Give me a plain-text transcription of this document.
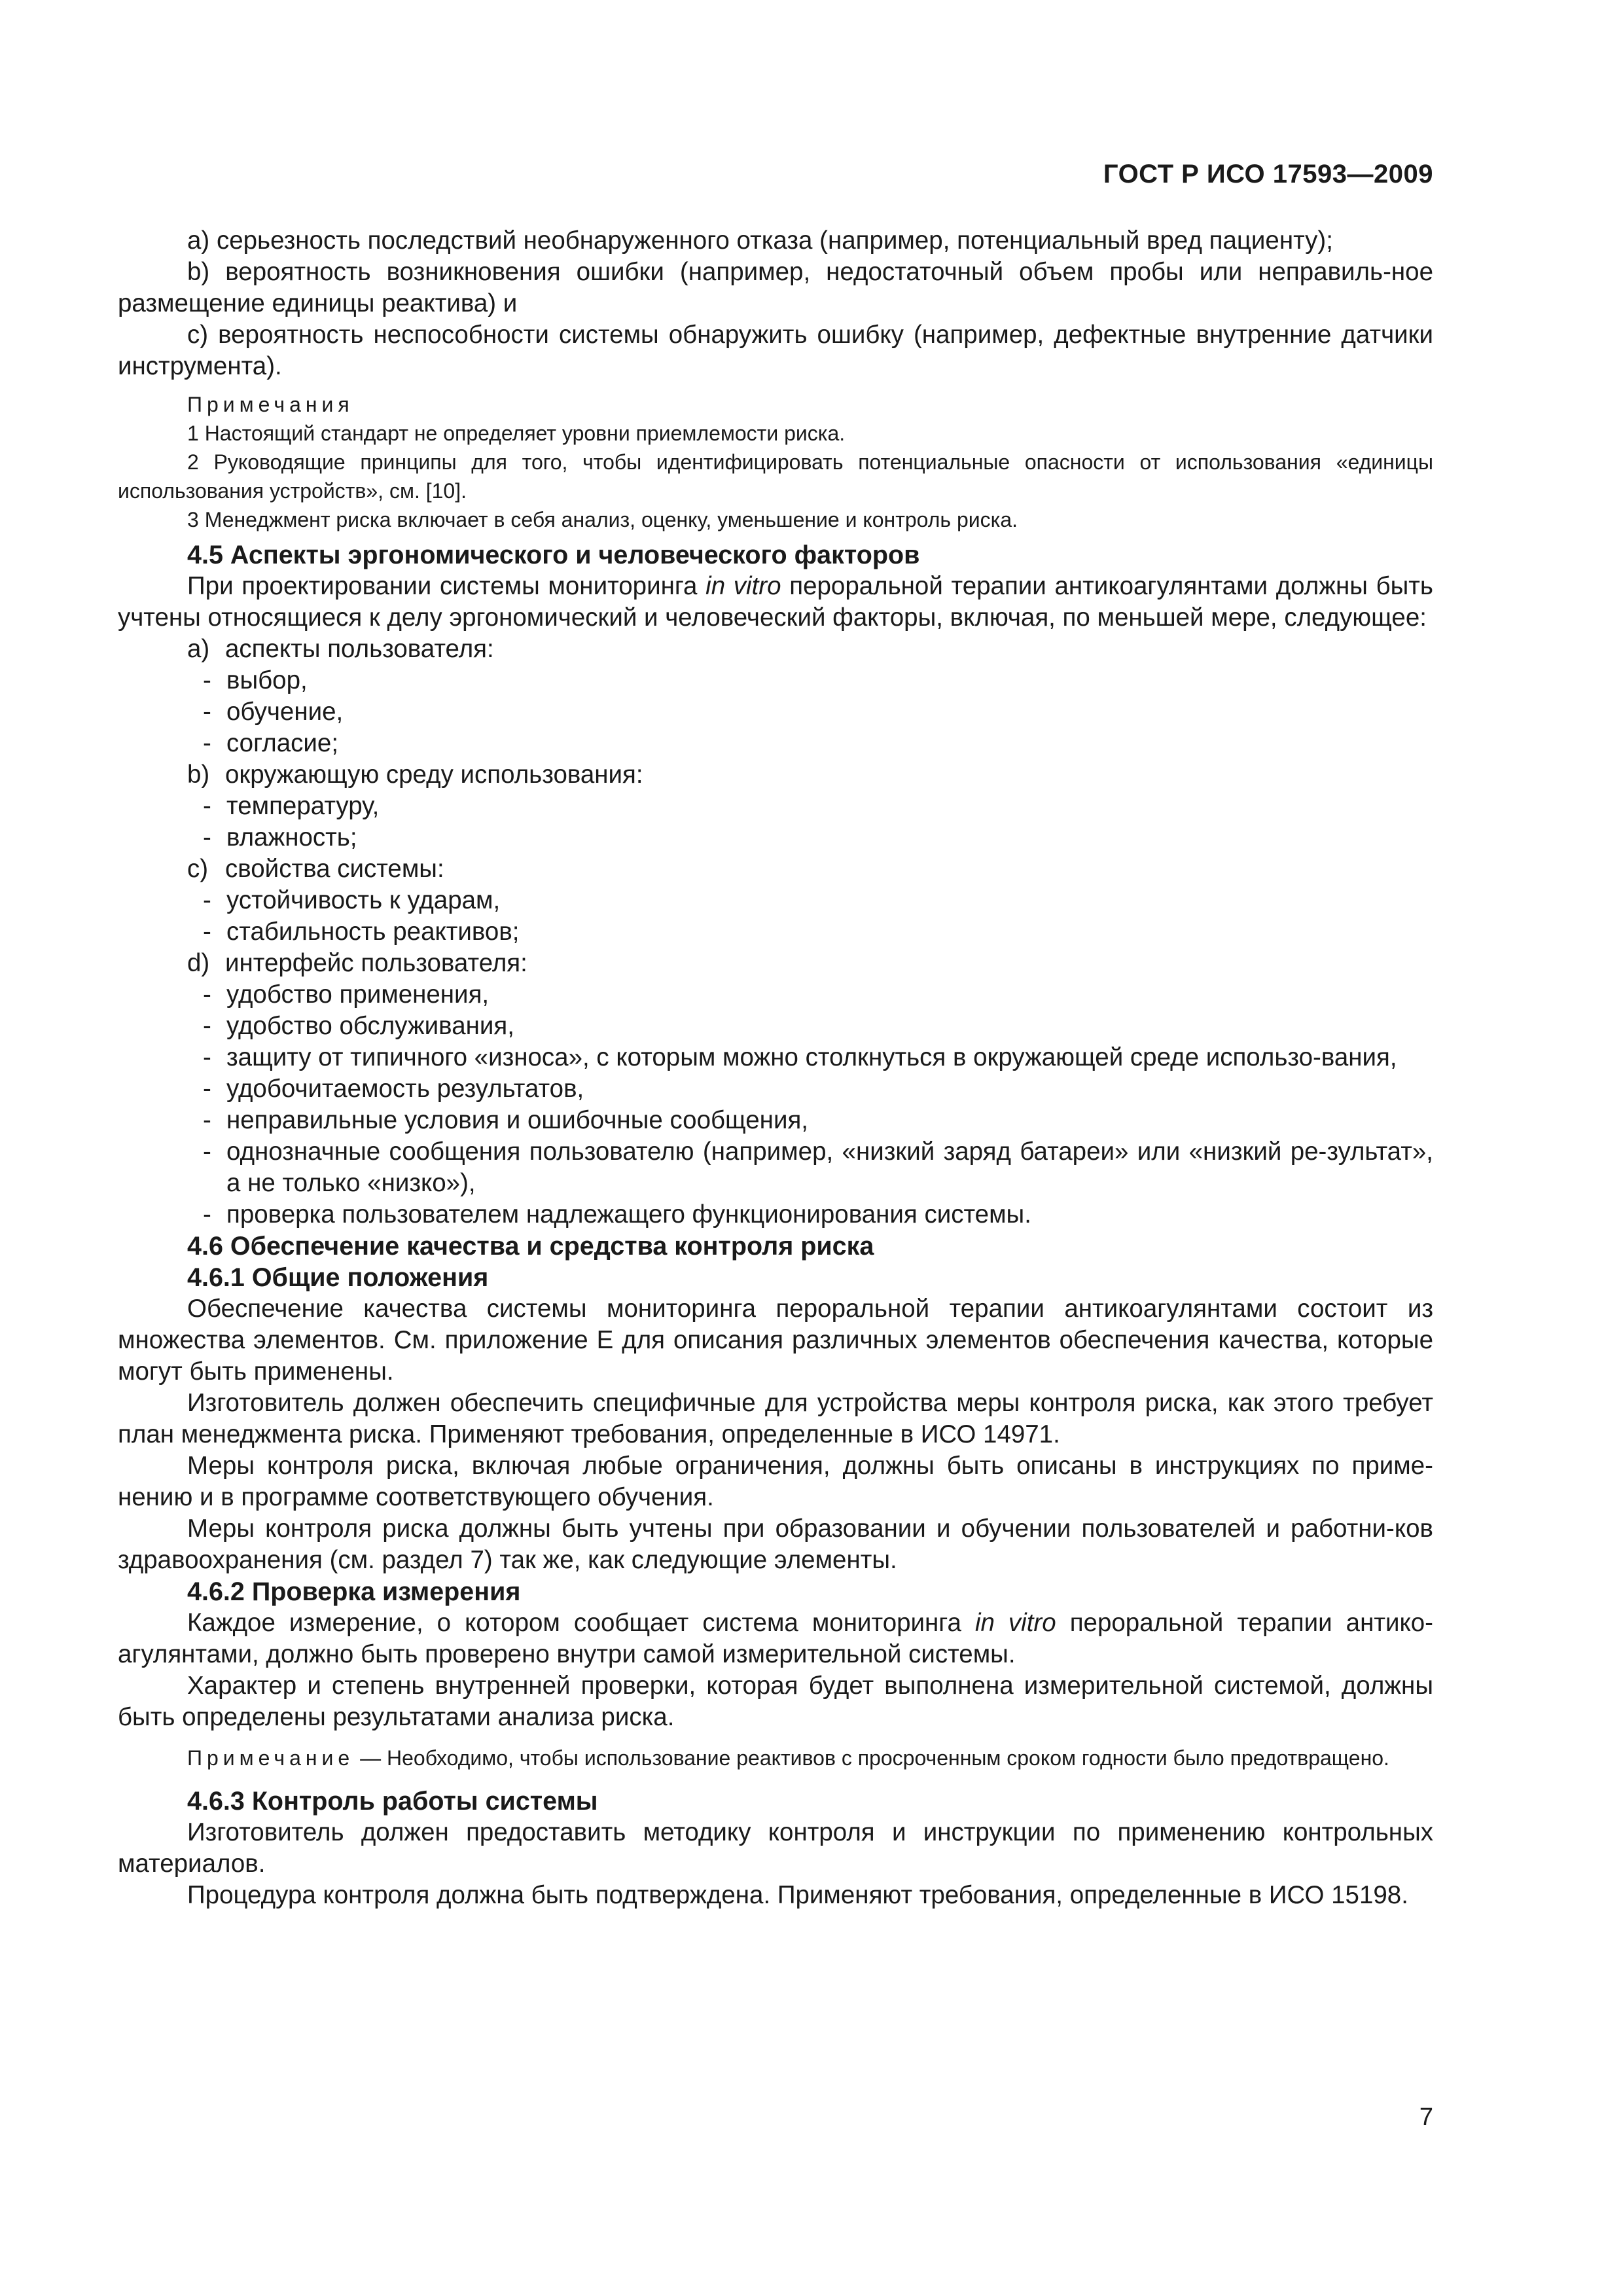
ГОСТ Р ИСО 17593—2009

a) серьезность последствий необнаруженного отказа (например, потенциальный вред пациенту);

b) вероятность возникновения ошибки (например, недостаточный объем пробы или неправиль-ное размещение единицы реактива) и

c) вероятность неспособности системы обнаружить ошибку (например, дефектные внутренние датчики инструмента).

Примечания

1 Настоящий стандарт не определяет уровни приемлемости риска.

2 Руководящие принципы для того, чтобы идентифицировать потенциальные опасности от использования «единицы использования устройств», см. [10].

3 Менеджмент риска включает в себя анализ, оценку, уменьшение и контроль риска.

4.5 Аспекты эргономического и человеческого факторов

При проектировании системы мониторинга in vitro пероральной терапии антикоагулянтами должны быть учтены относящиеся к делу эргономический и человеческий факторы, включая, по меньшей мере, следующее:

a) аспекты пользователя:

- выбор,

- обучение,

- согласие;

b) окружающую среду использования:

- температуру,

- влажность;

c) свойства системы:

- устойчивость к ударам,

- стабильность реактивов;

d) интерфейс пользователя:

- удобство применения,

- удобство обслуживания,

- защиту от типичного «износа», с которым можно столкнуться в окружающей среде использо-вания,

- удобочитаемость результатов,

- неправильные условия и ошибочные сообщения,

- однозначные сообщения пользователю (например, «низкий заряд батареи» или «низкий ре-зультат», а не только «низко»),

- проверка пользователем надлежащего функционирования системы.

4.6 Обеспечение качества и средства контроля риска

4.6.1 Общие положения

Обеспечение качества системы мониторинга пероральной терапии антикоагулянтами состоит из множества элементов. См. приложение E для описания различных элементов обеспечения качества, которые могут быть применены.

Изготовитель должен обеспечить специфичные для устройства меры контроля риска, как этого требует план менеджмента риска. Применяют требования, определенные в ИСО 14971.

Меры контроля риска, включая любые ограничения, должны быть описаны в инструкциях по приме-нению и в программе соответствующего обучения.

Меры контроля риска должны быть учтены при образовании и обучении пользователей и работни-ков здравоохранения (см. раздел 7) так же, как следующие элементы.

4.6.2 Проверка измерения

Каждое измерение, о котором сообщает система мониторинга in vitro пероральной терапии антико-агулянтами, должно быть проверено внутри самой измерительной системы.

Характер и степень внутренней проверки, которая будет выполнена измерительной системой, должны быть определены результатами анализа риска.

Примечание — Необходимо, чтобы использование реактивов с просроченным сроком годности было предотвращено.

4.6.3 Контроль работы системы

Изготовитель должен предоставить методику контроля и инструкции по применению контрольных материалов.

Процедура контроля должна быть подтверждена. Применяют требования, определенные в ИСО 15198.

7
